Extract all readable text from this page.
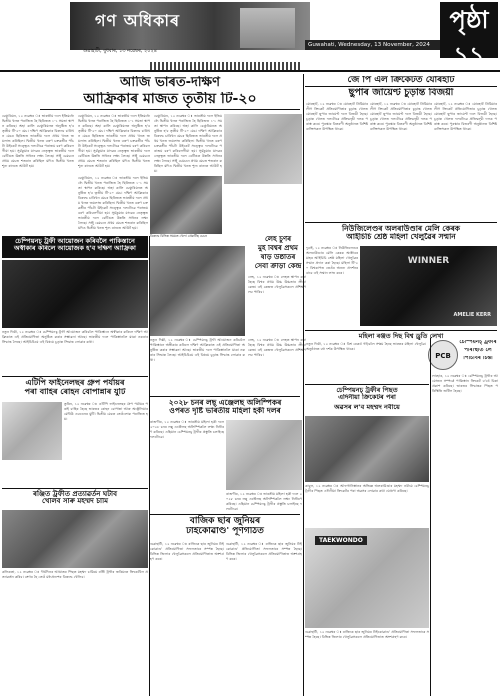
গণ অধিকাৰ
গুৱাহাটী, বুধবাৰ, ১৩ নৱেম্বৰ, ২০২৪
Guwahati, Wednesday, 13 November, 2024
পৃষ্ঠা ১১
INDIA
আজি ভাৰত-দক্ষিণ
আফ্ৰিকাৰ মাজত তৃতীয় টি-২০
চেঞ্চুৰিয়ন, ১২ নৱেম্বৰ ঃ ভাৰতীয় দলে ইতিমধ্যে দ্বিতীয় খনত পৰাজিত হৈ ছিৰিজত ১-১ সমতা স্থাপন কৰিছে। অহা কালি চেঞ্চুৰিয়নত অনুষ্ঠিত হ'ব তৃতীয় টি-২০ মেচ। দক্ষিণ আফ্ৰিকাৰ বিৰুদ্ধে চাৰিখন মেচৰ ছিৰিজত ভাৰতীয় দলে প্ৰথম খনত জয়লাভ কৰিছিল। দ্বিতীয় খনত বৰুণ চক্ৰৱৰ্তীৰ পাঁচটা উইকেট সত্ত্বেও দলটোৱে পৰাজয় বৰণ কৰিবলগীয়া হয়। সূৰ্যকুমাৰ যাদৱৰ নেতৃত্বত ভাৰতীয় দলে বেটিঙত উন্নতি সাধনৰ লক্ষ্য লৈছে। সঞ্জু চেমচনে প্ৰথম মেচত শতৰান কৰিছিল যদিও দ্বিতীয় খনত শূন্য ৰানতে আউট হয়।
চেঞ্চুৰিয়ন, ১২ নৱেম্বৰ ঃ ভাৰতীয় দলে ইতিমধ্যে দ্বিতীয় খনত পৰাজিত হৈ ছিৰিজত ১-১ সমতা স্থাপন কৰিছে। অহা কালি চেঞ্চুৰিয়নত অনুষ্ঠিত হ'ব তৃতীয় টি-২০ মেচ। দক্ষিণ আফ্ৰিকাৰ বিৰুদ্ধে চাৰিখন মেচৰ ছিৰিজত ভাৰতীয় দলে প্ৰথম খনত জয়লাভ কৰিছিল। দ্বিতীয় খনত বৰুণ চক্ৰৱৰ্তীৰ পাঁচটা উইকেট সত্ত্বেও দলটোৱে পৰাজয় বৰণ কৰিবলগীয়া হয়। সূৰ্যকুমাৰ যাদৱৰ নেতৃত্বত ভাৰতীয় দলে বেটিঙত উন্নতি সাধনৰ লক্ষ্য লৈছে। সঞ্জু চেমচনে প্ৰথম মেচত শতৰান কৰিছিল যদিও দ্বিতীয় খনত শূন্য ৰানতে আউট হয়।
চেঞ্চুৰিয়ন, ১২ নৱেম্বৰ ঃ ভাৰতীয় দলে ইতিমধ্যে দ্বিতীয় খনত পৰাজিত হৈ ছিৰিজত ১-১ সমতা স্থাপন কৰিছে। অহা কালি চেঞ্চুৰিয়নত অনুষ্ঠিত হ'ব তৃতীয় টি-২০ মেচ। দক্ষিণ আফ্ৰিকাৰ বিৰুদ্ধে চাৰিখন মেচৰ ছিৰিজত ভাৰতীয় দলে প্ৰথম খনত জয়লাভ কৰিছিল। দ্বিতীয় খনত বৰুণ চক্ৰৱৰ্তীৰ পাঁচটা উইকেট সত্ত্বেও দলটোৱে পৰাজয় বৰণ কৰিবলগীয়া হয়। সূৰ্যকুমাৰ যাদৱৰ নেতৃত্বত ভাৰতীয় দলে বেটিঙত উন্নতি সাধনৰ লক্ষ্য লৈছে। সঞ্জু চেমচনে প্ৰথম মেচত শতৰান কৰিছিল যদিও দ্বিতীয় খনত শূন্য ৰানতে আউট হয়।
চেঞ্চুৰিয়ন, ১২ নৱেম্বৰ ঃ ভাৰতীয় দলে ইতিমধ্যে দ্বিতীয় খনত পৰাজিত হৈ ছিৰিজত ১-১ সমতা স্থাপন কৰিছে। অহা কালি চেঞ্চুৰিয়নত অনুষ্ঠিত হ'ব তৃতীয় টি-২০ মেচ। দক্ষিণ আফ্ৰিকাৰ বিৰুদ্ধে চাৰিখন মেচৰ ছিৰিজত ভাৰতীয় দলে প্ৰথম খনত জয়লাভ কৰিছিল। দ্বিতীয় খনত বৰুণ চক্ৰৱৰ্তীৰ পাঁচটা উইকেট সত্ত্বেও দলটোৱে পৰাজয় বৰণ কৰিবলগীয়া হয়। সূৰ্যকুমাৰ যাদৱৰ নেতৃত্বত ভাৰতীয় দলে বেটিঙত উন্নতি সাধনৰ লক্ষ্য লৈছে। সঞ্জু চেমচনে প্ৰথম মেচত শতৰান কৰিছিল যদিও দ্বিতীয় খনত শূন্য ৰানতে আউট হয়।
বিৰুদ্ধে বিভিন্ন সময়ত খেলা প্ৰেকটিছ চেচন
জে পি এল ক্ৰিকেটত যোৰহাট
ছুপাৰ জায়েণ্ট চুড়ান্ত বিজয়ী
যোৰহাট, ১২ নৱেম্বৰ ঃ যোৰহাট প্ৰিমিয়াৰ লীগ ক্ৰিকেট প্ৰতিযোগিতাৰ চূড়ান্ত খেলত যোৰহাট ছুপাৰ জায়েণ্ট দলে বিজয়ী হৈছে। চূড়ান্ত খেলত দলটোৱে প্ৰতিদ্বন্দ্বী দলক পৰাস্ত কৰে। পুৰস্কাৰ বিতৰণী অনুষ্ঠানত বিশিষ্ট ব্যক্তিসকল উপস্থিত থাকে।
যোৰহাট, ১২ নৱেম্বৰ ঃ যোৰহাট প্ৰিমিয়াৰ লীগ ক্ৰিকেট প্ৰতিযোগিতাৰ চূড়ান্ত খেলত যোৰহাট ছুপাৰ জায়েণ্ট দলে বিজয়ী হৈছে। চূড়ান্ত খেলত দলটোৱে প্ৰতিদ্বন্দ্বী দলক পৰাস্ত কৰে। পুৰস্কাৰ বিতৰণী অনুষ্ঠানত বিশিষ্ট ব্যক্তিসকল উপস্থিত থাকে।
যোৰহাট, ১২ নৱেম্বৰ ঃ যোৰহাট প্ৰিমিয়াৰ লীগ ক্ৰিকেট প্ৰতিযোগিতাৰ চূড়ান্ত খেলত যোৰহাট ছুপাৰ জায়েণ্ট দলে বিজয়ী হৈছে। চূড়ান্ত খেলত দলটোৱে প্ৰতিদ্বন্দ্বী দলক পৰাস্ত কৰে। পুৰস্কাৰ বিতৰণী অনুষ্ঠানত বিশিষ্ট ব্যক্তিসকল উপস্থিত থাকে।
নিউজিলেণ্ডৰ অলৰাউণ্ডাৰ মেলি কেৰক
আইচিচি শ্ৰেষ্ঠ মহিলা খেলুৱৈৰ সন্মান
WINNER
AMELIE KERR
দুবাই, ১২ নৱেম্বৰ ঃ নিউজিলেণ্ডৰ অলৰাউণ্ডাৰ মেলি কেৰক অক্টোবৰ মাহৰ আইচিচি শ্ৰেষ্ঠ মহিলা খেলুৱৈৰ সন্মান প্ৰদান কৰা হৈছে। মহিলা টি-২০ বিশ্বকাপত তেওঁৰ অনন্য প্ৰদৰ্শনৰ বাবে এই সন্মান লাভ কৰে।
লেহ চুৰ্ণৰ
মুই বিশ্বৰ প্ৰথম
ষাঁড় উষ্ঠাতৰ
সেবা ক্ৰীড়া কেন্দ্ৰ
লেহ, ১২ নৱেম্বৰ ঃ লেহত স্থাপন কৰা হৈছে বিশ্বৰ প্ৰথম উচ্চ উচ্চতাৰ ক্ৰীড়া কেন্দ্ৰ। এই কেন্দ্ৰত খেলুৱৈসকলে প্ৰশিক্ষণ লব পাৰিব।
চেম্পিয়নচ্ ট্ৰফী আয়োজন কৰিবলৈ পাকিস্তানে
অস্বীকাৰ কৰিলে আয়োজক হ'ব দক্ষিণ আফ্ৰিকা
নতুন দিল্লী, ১২ নৱেম্বৰ ঃ চেম্পিয়নচ্ ট্ৰফী আয়োজন কৰিবলৈ পাকিস্তানে অস্বীকাৰ কৰিলে দক্ষিণ আফ্ৰিকাত এই প্ৰতিযোগিতা অনুষ্ঠিত কৰাৰ সম্ভাৱনা আছে। ভাৰতীয় দলে পাকিস্তানলৈ যাত্ৰা নকৰাৰ সিদ্ধান্ত লৈছে। আইচিচিয়ে এই বিষয়ে চূড়ান্ত সিদ্ধান্ত লোৱাৰ কথা।
এটিপি ফাইনেলছৰ গ্ৰুপ পৰ্যায়ৰ
পৰা বাহিৰ ৰোহন বোপান্নাৰ যুটি
তুৰিন, ১২ নৱেম্বৰ ঃ এটিপি ফাইনেলছৰ গ্ৰুপ পৰ্যায়ৰ পৰাই বাহিৰ হৈছে ভাৰতৰ ৰোহন বোপান্না আৰু অষ্ট্ৰেলিয়াৰ মেথিউ এবডেনৰ যুটি। দ্বিতীয় মেচত তেওঁলোক পৰাজিত হয়।
ৰঞ্জিত ট্ৰফীত প্ৰত্যাৱৰ্তন ঘটাব
খেলিব সাৰু মহম্মদ চামি
কলিকতা, ১২ নৱেম্বৰ ঃ দীৰ্ঘদিনৰ আঘাতৰ পিছত মহম্মদ চামিয়ে ৰঞ্জি ট্ৰফীৰ জৰিয়তে ক্ৰিকেটলৈ প্ৰত্যাৱৰ্তন কৰিব। বংগৰ হৈ তেওঁ মধ্যপ্ৰদেশৰ বিৰুদ্ধে খেলিব।
২০২৮ চনৰ লছ্ এঞ্জেলছ অলিম্পিকৰ
ওপৰত দৃষ্টি ভাৰতীয় মহিলা হকী দলৰ
ৰাজগীৰ, ১২ নৱেম্বৰ ঃ ভাৰতীয় মহিলা হকী দলে ২০২৮ চনৰ লছ্ এঞ্জেলছ অলিম্পিকলৈ লক্ষ্য নিৰ্ধাৰণ কৰিছে। এছিয়ান চেম্পিয়নচ্ ট্ৰফীৰ প্ৰস্তুতি চলাইছে দলটোৱে।
ৰাজগীৰ, ১২ নৱেম্বৰ ঃ ভাৰতীয় মহিলা হকী দলে ২০২৮ চনৰ লছ্ এঞ্জেলছ অলিম্পিকলৈ লক্ষ্য নিৰ্ধাৰণ কৰিছে। এছিয়ান চেম্পিয়নচ্ ট্ৰফীৰ প্ৰস্তুতি চলাইছে দলটোৱে।
লেহ, ১২ নৱেম্বৰ ঃ লেহত স্থাপন কৰা হৈছে বিশ্বৰ প্ৰথম উচ্চ উচ্চতাৰ ক্ৰীড়া কেন্দ্ৰ। এই কেন্দ্ৰত খেলুৱৈসকলে প্ৰশিক্ষণ লব পাৰিব।
নতুন দিল্লী, ১২ নৱেম্বৰ ঃ চেম্পিয়নচ্ ট্ৰফী আয়োজন কৰিবলৈ পাকিস্তানে অস্বীকাৰ কৰিলে দক্ষিণ আফ্ৰিকাত এই প্ৰতিযোগিতা অনুষ্ঠিত কৰাৰ সম্ভাৱনা আছে। ভাৰতীয় দলে পাকিস্তানলৈ যাত্ৰা নকৰাৰ সিদ্ধান্ত লৈছে। আইচিচিয়ে এই বিষয়ে চূড়ান্ত সিদ্ধান্ত লোৱাৰ কথা।
মহিলা ৰঞ্জত দিছ বিশ্ব ড্ৰুতি লেখা
নতুন দিল্লী, ১২ নৱেম্বৰ ঃ বিশ্ব ৰেকৰ্ড গঢ়িবলৈ সক্ষম হৈছে ভাৰতৰ মহিলা খেলুৱৈ। অনুষ্ঠানত বহু দৰ্শক উপস্থিত থাকে।
PCB
চেম্পিয়নচ্ ট্ৰফীৰ
পৰিস্থিতি লৈ
পিচিবিৰ চিন্তা
লাহোৰ, ১২ নৱেম্বৰ ঃ চেম্পিয়নচ্ ট্ৰফীৰ আয়োজন সম্পৰ্কে পাকিস্তান ক্ৰিকেট ব'ৰ্ডে চিন্তা প্ৰকাশ কৰিছে। ভাৰতৰ সিদ্ধান্তৰ পিছত পৰিস্থিতি জটিল হৈছে।
চেম্পিয়নচ্ ট্ৰফীৰ পিছত
এদিনীয়া ক্ৰিকেটৰ পৰা
অৱসৰ ল'ব মহম্মদ নবীয়ে
কাবুল, ১২ নৱেম্বৰ ঃ আফগানিস্তানৰ অভিজ্ঞ অলৰাউণ্ডাৰ মহম্মদ নবীয়ে চেম্পিয়নচ্ ট্ৰফীৰ পিছত এদিনীয়া ক্ৰিকেটৰ পৰা অৱসৰ লোৱাৰ কথা ঘোষণা কৰিছে।
বাজিক ছাৰ জুনিয়ৰ
টাইকোৱাণ্ড' পূৰ্ণগঠিত
গুৱাহাটী, ১২ নৱেম্বৰ ঃ ৰাজ্যিক ছাৰ জুনিয়ৰ টাইকোৱাণ্ড' প্ৰতিযোগিতা সফলতাৰে সম্পন্ন হৈছে। বিভিন্ন জিলাৰ খেলুৱৈসকলে প্ৰতিযোগিতাত অংশগ্ৰহণ কৰে।
গুৱাহাটী, ১২ নৱেম্বৰ ঃ ৰাজ্যিক ছাৰ জুনিয়ৰ টাইকোৱাণ্ড' প্ৰতিযোগিতা সফলতাৰে সম্পন্ন হৈছে। বিভিন্ন জিলাৰ খেলুৱৈসকলে প্ৰতিযোগিতাত অংশগ্ৰহণ কৰে।
TAEKWONDO
গুৱাহাটী, ১২ নৱেম্বৰ ঃ ৰাজ্যিক ছাৰ জুনিয়ৰ টাইকোৱাণ্ড' প্ৰতিযোগিতা সফলতাৰে সম্পন্ন হৈছে। বিভিন্ন জিলাৰ খেলুৱৈসকলে প্ৰতিযোগিতাত অংশগ্ৰহণ কৰে।
